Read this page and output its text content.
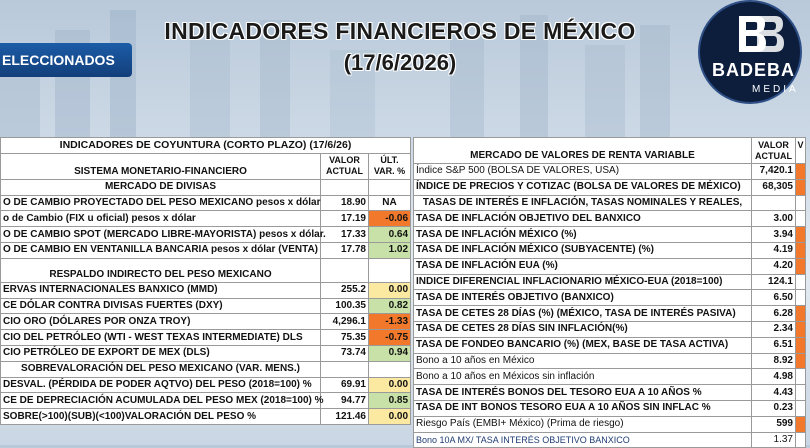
INDICADORES FINANCIEROS DE MÉXICO
(17/6/2026)
ELECCIONADOS	BADEBA
MEDIA
INDICADORES DE COYUNTURA (CORTO PLAZO) (17/6/26)		
SISTEMA MONETARIO-FINANCIERO	VALOR ACTUAL	ÚLT. VAR. %
MERCADO DE DIVISAS		
O DE CAMBIO PROYECTADO DEL PESO MEXICANO pesos x dólar	18.90	NA
o de Cambio (FIX u oficial) pesos x dólar	17.19	-0.06
O DE CAMBIO SPOT (MERCADO LIBRE-MAYORISTA) pesos x dólar.	17.33	0.64
O DE CAMBIO EN VENTANILLA BANCARIA pesos x dólar (VENTA)	17.78	1.02
RESPALDO INDIRECTO DEL PESO MEXICANO		
ERVAS INTERNACIONALES BANXICO (MMD)	255.2	0.00
CE DÓLAR CONTRA DIVISAS FUERTES (DXY)	100.35	0.82
CIO ORO (DÓLARES POR ONZA TROY)	4,296.1	-1.33
CIO DEL PETRÓLEO (WTI - WEST TEXAS INTERMEDIATE) DLS	75.35	-0.75
CIO PETRÓLEO DE EXPORT DE MEX (DLS)	73.74	0.94
SOBREVALORACIÓN DEL PESO MEXICANO (VAR. MENS.)		
DESVAL. (PÉRDIDA DE PODER AQTVO) DEL PESO (2018=100) %	69.91	0.00
CE DE DEPRECIACIÓN ACUMULADA DEL PESO MEX (2018=100) %	94.77	0.85
SOBRE(>100)(SUB)(<100)VALORACIÓN DEL PESO %	121.46	0.00
MERCADO DE VALORES DE RENTA VARIABLE	VALOR ACTUAL	V
Índice S&P 500 (BOLSA DE VALORES, USA)	7,420.1	
ÍNDICE DE PRECIOS Y COTIZAC (BOLSA DE VALORES DE MÉXICO)	68,305	
TASAS DE INTERÉS E INFLACIÓN, TASAS NOMINALES Y REALES,		
TASA DE INFLACIÓN OBJETIVO DEL BANXICO	3.00	
TASA DE INFLACIÓN MÉXICO (%)	3.94	
TASA DE INFLACIÓN MÉXICO (SUBYACENTE) (%)	4.19	
TASA DE INFLACIÓN EUA (%)	4.20	
INDICE DIFERENCIAL INFLACIONARIO MÉXICO-EUA (2018=100)	124.1	
TASA DE INTERÉS OBJETIVO (BANXICO)	6.50	
TASA DE CETES 28 DÍAS (%) (MÉXICO, TASA DE INTERÉS PASIVA)	6.28	
TASA DE CETES 28 DÍAS SIN INFLACIÓN(%)	2.34	
TASA DE FONDEO BANCARIO (%) (MEX, BASE DE TASA ACTIVA)	6.51	
Bono a 10 años en México	8.92	
Bono a 10 años en Méxicos sin inflación	4.98	
TASA DE INTERÉS BONOS DEL TESORO EUA A 10 AÑOS %	4.43	
TASA DE INT BONOS TESORO EUA A 10 AÑOS SIN INFLAC %	0.23	
Riesgo País (EMBI+ México) (Prima de riesgo)	599	
Bono 10A MX/ TASA INTERÉS OBJETIVO BANXICO	1.37	
